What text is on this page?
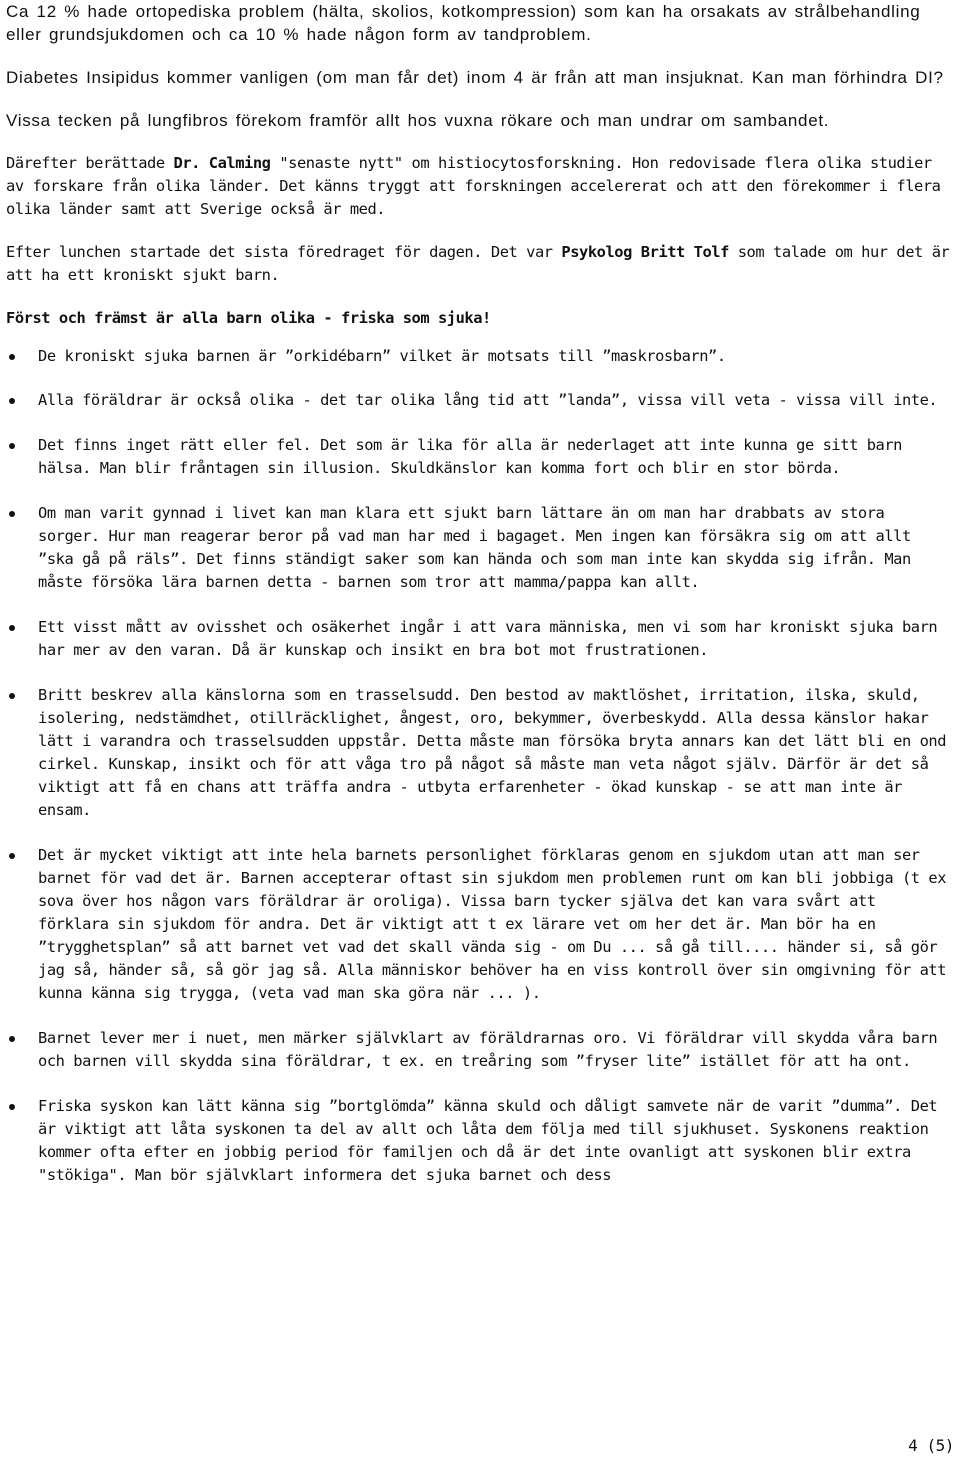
Ca 12 % hade ortopediska problem (hälta, skolios, kotkompression) som kan ha orsakats av strålbehandling eller grundsjukdomen och ca 10 % hade någon form av tandproblem.

Diabetes Insipidus kommer vanligen (om man får det) inom 4 är från att man insjuknat. Kan man förhindra DI?

Vissa tecken på lungfibros förekom framför allt hos vuxna rökare och man undrar om sambandet.

Därefter berättade Dr. Calming "senaste nytt" om histiocytosforskning. Hon redovisade flera olika studier av forskare från olika länder. Det känns tryggt att forskningen accelererat och att den förekommer i flera olika länder samt att Sverige också är med.

Efter lunchen startade det sista föredraget för dagen. Det var Psykolog Britt Tolf som talade om hur det är att ha ett kroniskt sjukt barn.

Först och främst är alla barn olika - friska som sjuka!

De kroniskt sjuka barnen är ”orkidébarn” vilket är motsats till ”maskrosbarn”.

Alla föräldrar är också olika - det tar olika lång tid att ”landa”, vissa vill veta - vissa vill inte.

Det finns inget rätt eller fel. Det som är lika för alla är nederlaget att inte kunna ge sitt barn hälsa. Man blir fråntagen sin illusion. Skuldkänslor kan komma fort och blir en stor börda.

Om man varit gynnad i livet kan man klara ett sjukt barn lättare än om man har drabbats av stora sorger. Hur man reagerar beror på vad man har med i bagaget. Men ingen kan försäkra sig om att allt ”ska gå på räls”. Det finns ständigt saker som kan hända och som man inte kan skydda sig ifrån. Man måste försöka lära barnen detta - barnen som tror att mamma/pappa kan allt.

Ett visst mått av ovisshet och osäkerhet ingår i att vara människa, men vi som har kroniskt sjuka barn har mer av den varan. Då är kunskap och insikt en bra bot mot frustrationen.

Britt beskrev alla känslorna som en trasselsudd. Den bestod av maktlöshet, irritation, ilska, skuld, isolering, nedstämdhet, otillräcklighet, ångest, oro, bekymmer, överbeskydd. Alla dessa känslor hakar lätt i varandra och trasselsudden uppstår. Detta måste man försöka bryta annars kan det lätt bli en ond cirkel. Kunskap, insikt och för att våga tro på något så måste man veta något själv. Därför är det så viktigt att få en chans att träffa andra - utbyta erfarenheter - ökad kunskap - se att man inte är ensam.

Det är mycket viktigt att inte hela barnets personlighet förklaras genom en sjukdom utan att man ser barnet för vad det är. Barnen accepterar oftast sin sjukdom men problemen runt om kan bli jobbiga (t ex sova över hos någon vars föräldrar är oroliga). Vissa barn tycker själva det kan vara svårt att förklara sin sjukdom för andra. Det är viktigt att t ex lärare vet om her det är. Man bör ha en ”trygghetsplan” så att barnet vet vad det skall vända sig - om Du ... så gå till.... händer si, så gör jag så, händer så, så gör jag så. Alla människor behöver ha en viss kontroll över sin omgivning för att kunna känna sig trygga, (veta vad man ska göra när ... ).

Barnet lever mer i nuet, men märker självklart av föräldrarnas oro. Vi föräldrar vill skydda våra barn och barnen vill skydda sina föräldrar, t ex. en treåring som ”fryser lite” istället för att ha ont.

Friska syskon kan lätt känna sig ”bortglömda” känna skuld och dåligt samvete när de varit ”dumma”. Det är viktigt att låta syskonen ta del av allt och låta dem följa med till sjukhuset. Syskonens reaktion kommer ofta efter en jobbig period för familjen och då är det inte ovanligt att syskonen blir extra "stökiga". Man bör självklart informera det sjuka barnet och dess

4 (5)
